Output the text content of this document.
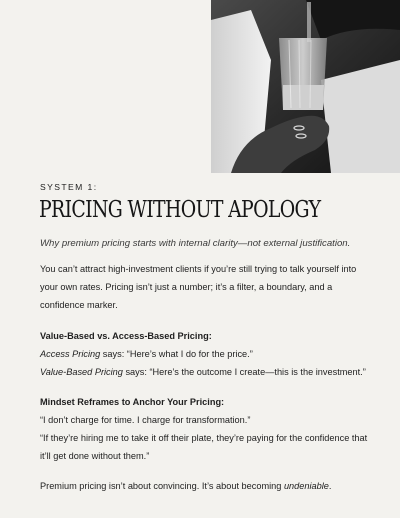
SYSTEM 1:
PRICING WITHOUT APOLOGY
Why premium pricing starts with internal clarity—not external justification.
You can’t attract high-investment clients if you’re still trying to talk yourself into
your own rates. Pricing isn’t just a number; it’s a filter, a boundary, and a
confidence marker.
Value-Based vs. Access-Based Pricing:
Access Pricing says: “Here’s what I do for the price.”
Value-Based Pricing says: “Here’s the outcome I create—this is the investment.”
Mindset Reframes to Anchor Your Pricing:
“I don’t charge for time. I charge for transformation.”
“If they’re hiring me to take it off their plate, they’re paying for the confidence that
it’ll get done without them.”
Premium pricing isn’t about convincing. It’s about becoming undeniable.
